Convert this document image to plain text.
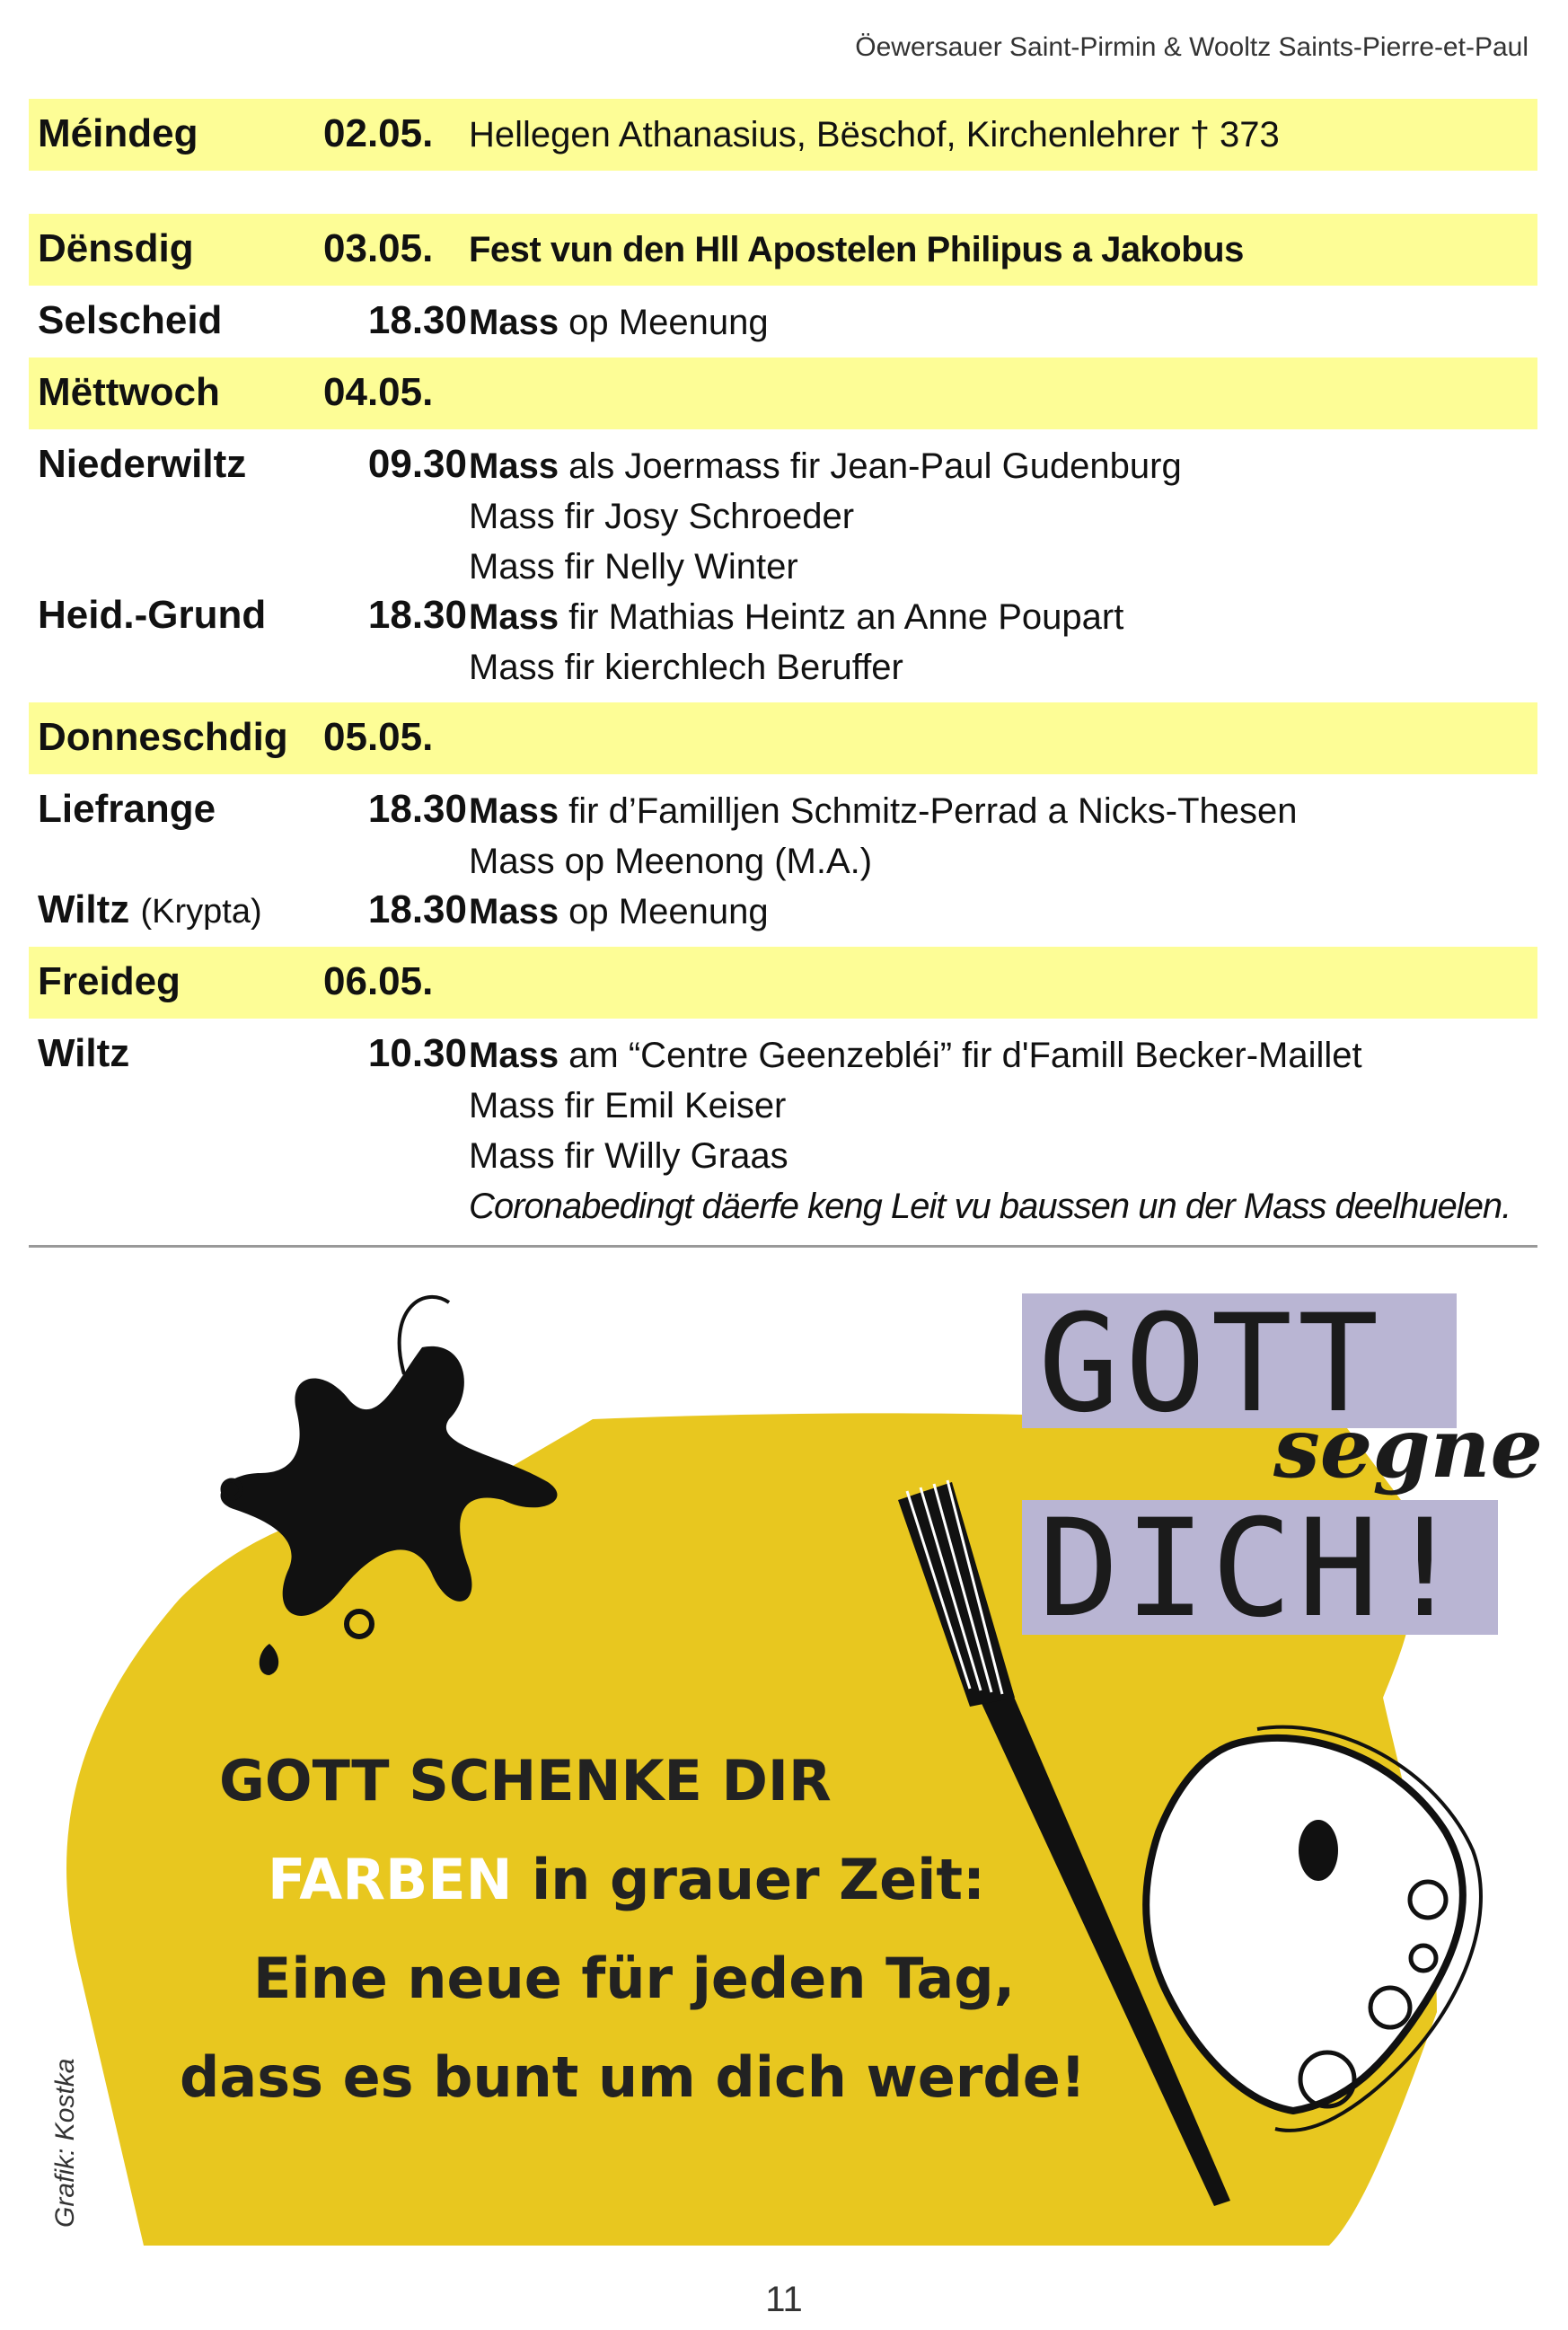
Öewersauer Saint-Pirmin & Wooltz Saints-Pierre-et-Paul
Méindeg	02.05. Hellegen Athanasius, Bëschof, Kirchenlehrer † 373
Dënsdig	03.05. Fest vun den Hll Apostelen Philipus a Jakobus
Selscheid	18.30 Mass op Meenung
Mëttwoch	04.05.
Niederwiltz	09.30 Mass als Joermass fir Jean-Paul Gudenburg
Mass fir Josy Schroeder
Mass fir Nelly Winter
Heid.-Grund	18.30 Mass fir Mathias Heintz an Anne Poupart
Mass fir kierchlech Beruffer
Donneschdig 05.05.
Liefrange	18.30 Mass fir d’Familljen Schmitz-Perrad a Nicks-Thesen
Mass op Meenong (M.A.)
Wiltz (Krypta)	18.30 Mass op Meenung
Freideg	06.05.
Wiltz	10.30 Mass am “Centre Geenzebléi” fir d'Famill Becker-Maillet
Mass fir Emil Keiser
Mass fir Willy Graas
Coronabedingt däerfe keng Leit vu baussen un der Mass deelhuelen.
GOTT SCHENKE DIR
FARBEN in grauer Zeit:
Eine neue für jeden Tag,
dass es bunt um dich werde!
GOTT
segne
DICH!
Grafik: Kostka
11
